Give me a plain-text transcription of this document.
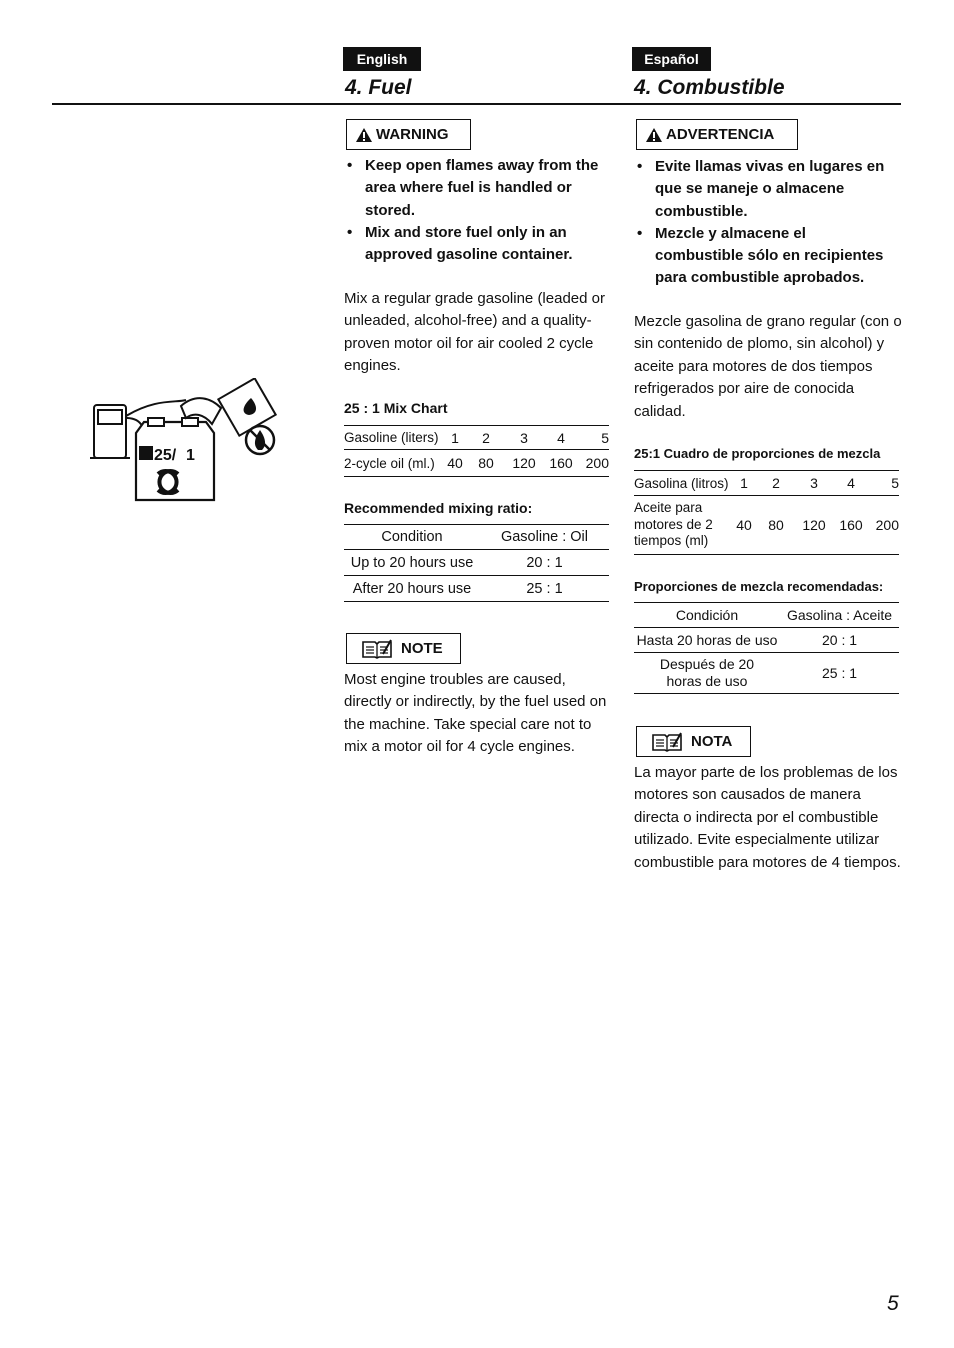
English	Español
4. Fuel	4. Combustible
25/ 1
WARNING
• Keep open flames away from the area where fuel is handled or stored.
• Mix and store fuel only in an approved gasoline container.
Mix a regular grade gasoline (leaded or unleaded, alcohol-free) and a quality-proven motor oil for air cooled 2 cycle engines.
25 : 1 Mix Chart
Gasoline (liters)	1	2	3	4	5
2-cycle oil (ml.)	40	80	120	160	200
Recommended mixing ratio:
Condition	Gasoline : Oil
Up to 20 hours use	20 : 1
After 20 hours use	25 : 1
NOTE
Most engine troubles are caused, directly or indirectly, by the fuel used on the machine. Take special care not to mix a motor oil for 4 cycle engines.
ADVERTENCIA
• Evite llamas vivas en lugares en que se maneje o almacene combustible.
• Mezcle y almacene el combustible sólo en recipientes para combustible aprobados.
Mezcle gasolina de grano regular (con o sin contenido de plomo, sin alcohol) y aceite para motores de dos tiempos refrigerados por aire de conocida calidad.
25:1 Cuadro de proporciones de mezcla
Gasolina (litros)	1	2	3	4	5
Aceite para motores de 2 tiempos (ml)	40	80	120	160	200
Proporciones de mezcla recomendadas:
Condición	Gasolina : Aceite
Hasta 20 horas de uso	20 : 1
Después de 20 horas de uso	25 : 1
NOTA
La mayor parte de los problemas de los motores son causados de manera directa o indirecta por el combustible utilizado. Evite especialmente utilizar combustible para motores de 4 tiempos.
5
